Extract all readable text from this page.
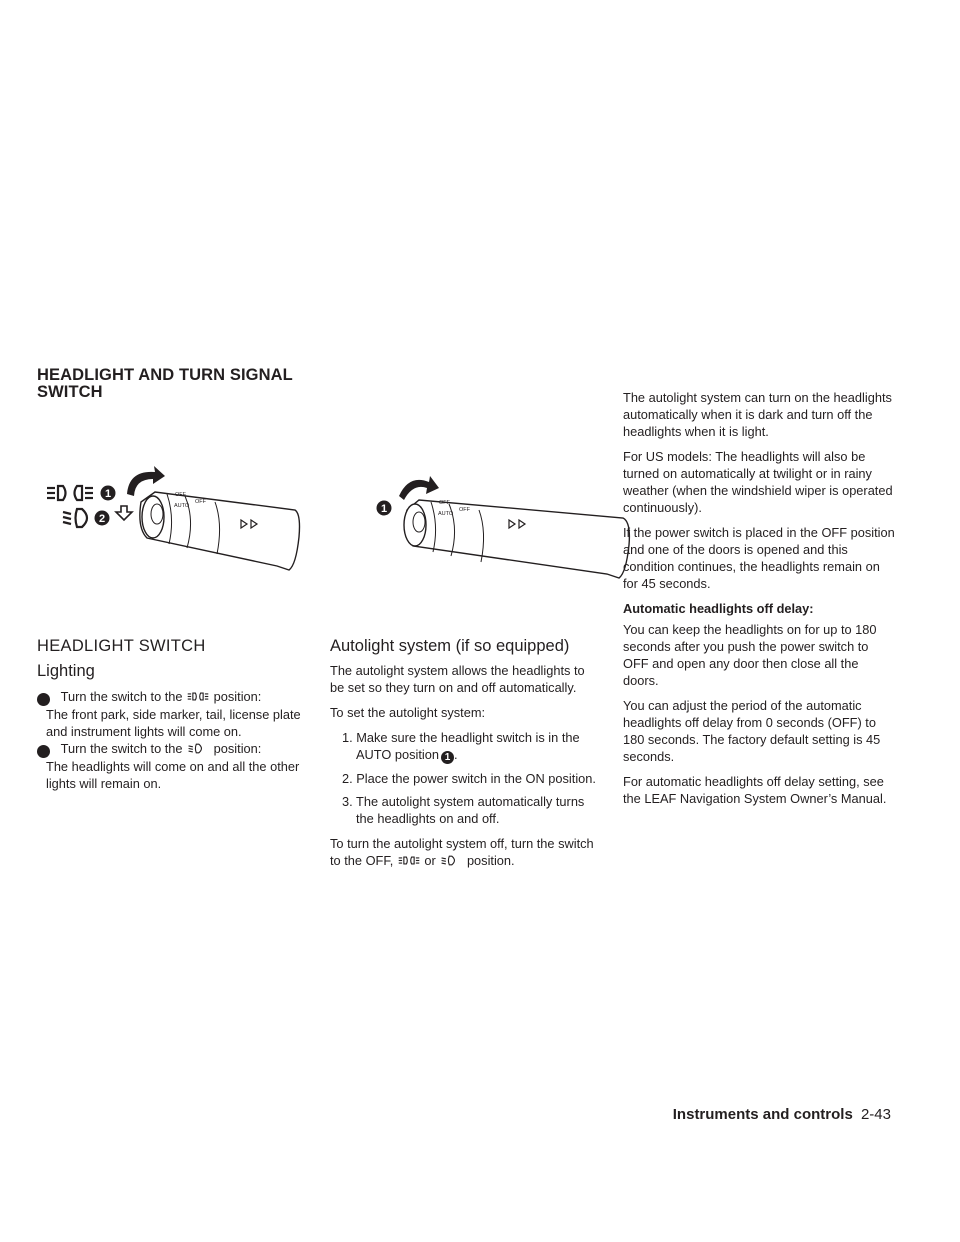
HEADLIGHT AND TURN SIGNAL
SWITCH
1
2
OFF
AUTO
OFF
1	OFF
AUTO
OFF
HEADLIGHT SWITCH
Lighting
1 Turn the switch to the position:
The front park, side marker, tail, license plate and instrument lights will come on.
2 Turn the switch to the position:
The headlights will come on and all the other lights will remain on.
Autolight system (if so equipped)

The autolight system allows the headlights to be set so they turn on and off automatically.

To set the autolight system:

1. Make sure the headlight switch is in the AUTO position 1 .
2. Place the power switch in the ON position.
3. The autolight system automatically turns the headlights on and off.

To turn the autolight system off, turn the switch to the OFF, or position.

The autolight system can turn on the headlights automatically when it is dark and turn off the headlights when it is light.

For US models: The headlights will also be turned on automatically at twilight or in rainy weather (when the windshield wiper is operated continuously).

If the power switch is placed in the OFF position and one of the doors is opened and this condition continues, the headlights remain on for 45 seconds.

Automatic headlights off delay:

You can keep the headlights on for up to 180 seconds after you push the power switch to OFF and open any door then close all the doors.

You can adjust the period of the automatic headlights off delay from 0 seconds (OFF) to 180 seconds. The factory default setting is 45 seconds.

For automatic headlights off delay setting, see the LEAF Navigation System Owner’s Manual.

Instruments and controls 2-43
